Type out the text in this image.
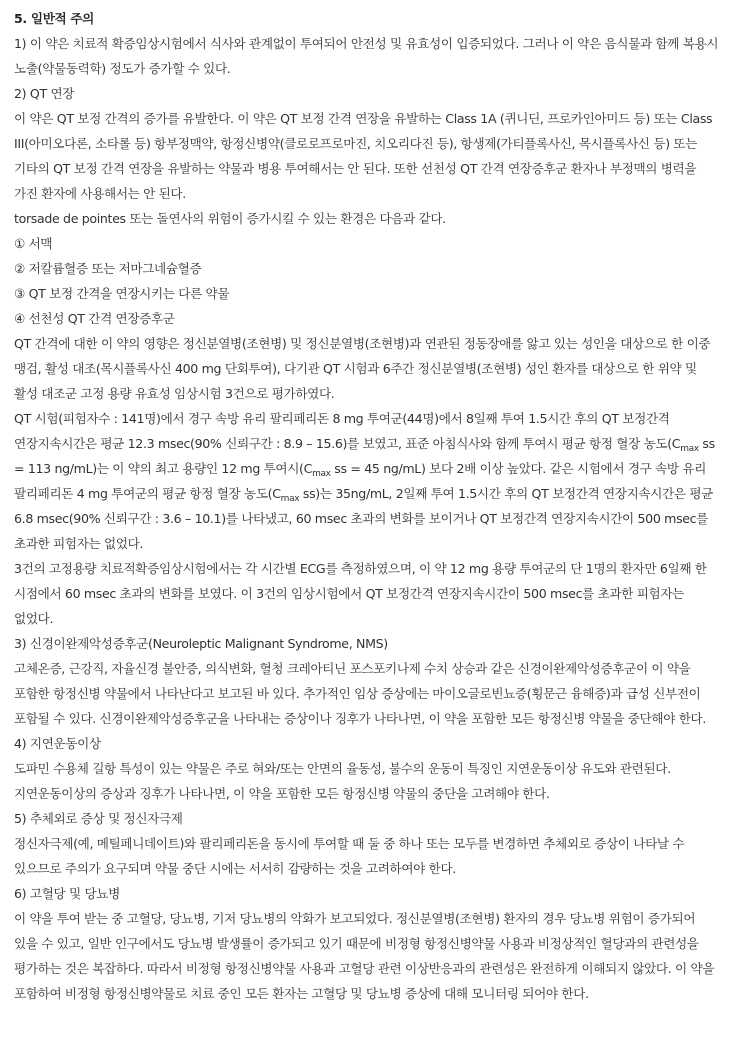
5. 일반적 주의
1) 이 약은 치료적 확증임상시험에서 식사와 관계없이 투여되어 안전성 및 유효성이 입증되었다. 그러나 이 약은 음식물과 함께 복용시 노출(약물동력학) 정도가 증가할 수 있다.
2) QT 연장
이 약은 QT 보정 간격의 증가를 유발한다. 이 약은 QT 보정 간격 연장을 유발하는 Class 1A (퀴니딘, 프로카인아미드 등) 또는 Class III(아미오다론, 소타롤 등) 항부정맥약, 항정신병약(클로로프로마진, 치오리다진 등), 항생제(가티플록사신, 목시플록사신 등) 또는 기타의 QT 보정 간격 연장을 유발하는 약물과 병용 투여해서는 안 된다. 또한 선천성 QT 간격 연장증후군 환자나 부정맥의 병력을 가진 환자에 사용해서는 안 된다.
torsade de pointes 또는 돌연사의 위험이 증가시킬 수 있는 환경은 다음과 같다.
① 서맥
② 저칼륨혈증 또는 저마그네슘혈증
③ QT 보정 간격을 연장시키는 다른 약물
④ 선천성 QT 간격 연장증후군
QT 간격에 대한 이 약의 영향은 정신분열병(조현병) 및 정신분열병(조현병)과 연관된 정동장애를 앓고 있는 성인을 대상으로 한 이중 맹검, 활성 대조(목시플록사신 400 mg 단회투여), 다기관 QT 시험과 6주간 정신분열병(조현병) 성인 환자를 대상으로 한 위약 및 활성 대조군 고정 용량 유효성 임상시험 3건으로 평가하였다.
QT 시험(피험자수 : 141명)에서 경구 속방 유리 팔리페리돈 8 mg 투여군(44명)에서 8일째 투여 1.5시간 후의 QT 보정간격 연장지속시간은 평균 12.3 msec(90% 신뢰구간 : 8.9 – 15.6)를 보였고, 표준 아침식사와 함께 투여시 평균 항정 혈장 농도($C_{max}$ ss = 113 ng/mL)는 이 약의 최고 용량인 12 mg 투여시($C_{max}$ ss = 45 ng/mL) 보다 2배 이상 높았다. 같은 시험에서 경구 속방 유리 팔리페리돈 4 mg 투여군의 평균 항정 혈장 농도($C_{max}$ ss)는 35ng/mL, 2일째 투여 1.5시간 후의 QT 보정간격 연장지속시간은 평균 6.8 msec(90% 신뢰구간 : 3.6 – 10.1)를 나타냈고, 60 msec 초과의 변화를 보이거나 QT 보정간격 연장지속시간이 500 msec를 초과한 피험자는 없었다.
3건의 고정용량 치료적확증임상시험에서는 각 시간별 ECG를 측정하였으며, 이 약 12 mg 용량 투여군의 단 1명의 환자만 6일째 한 시점에서 60 msec 초과의 변화를 보였다. 이 3건의 임상시험에서 QT 보정간격 연장지속시간이 500 msec를 초과한 피험자는 없었다.
3) 신경이완제악성증후군(Neuroleptic Malignant Syndrome, NMS)
고체온증, 근강직, 자율신경 불안증, 의식변화, 혈청 크레아티닌 포스포키나제 수치 상승과 같은 신경이완제악성증후군이 이 약을 포함한 항정신병 약물에서 나타난다고 보고된 바 있다. 추가적인 임상 증상에는 마이오글로빈뇨증(횡문근 융해증)과 급성 신부전이 포함될 수 있다. 신경이완제악성증후군을 나타내는 증상이나 징후가 나타나면, 이 약을 포함한 모든 항정신병 약물을 중단해야 한다.
4) 지연운동이상
도파민 수용체 길항 특성이 있는 약물은 주로 혀와/또는 안면의 율동성, 불수의 운동이 특징인 지연운동이상 유도와 관련된다. 지연운동이상의 증상과 징후가 나타나면, 이 약을 포함한 모든 항정신병 약물의 중단을 고려해야 한다.
5) 추체외로 증상 및 정신자극제
정신자극제(예, 메틸페니데이트)와 팔리페리돈을 동시에 투여할 때 둘 중 하나 또는 모두를 변경하면 추체외로 증상이 나타날 수 있으므로 주의가 요구되며 약물 중단 시에는 서서히 감량하는 것을 고려하여야 한다.
6) 고혈당 및 당뇨병
이 약을 투여 받는 중 고혈당, 당뇨병, 기저 당뇨병의 악화가 보고되었다. 정신분열병(조현병) 환자의 경우 당뇨병 위험이 증가되어 있을 수 있고, 일반 인구에서도 당뇨병 발생률이 증가되고 있기 때문에 비정형 항정신병약물 사용과 비정상적인 혈당과의 관련성을 평가하는 것은 복잡하다. 따라서 비정형 항정신병약물 사용과 고혈당 관련 이상반응과의 관련성은 완전하게 이해되지 않았다. 이 약을 포함하여 비정형 항정신병약물로 치료 중인 모든 환자는 고혈당 및 당뇨병 증상에 대해 모니터링 되어야 한다.
